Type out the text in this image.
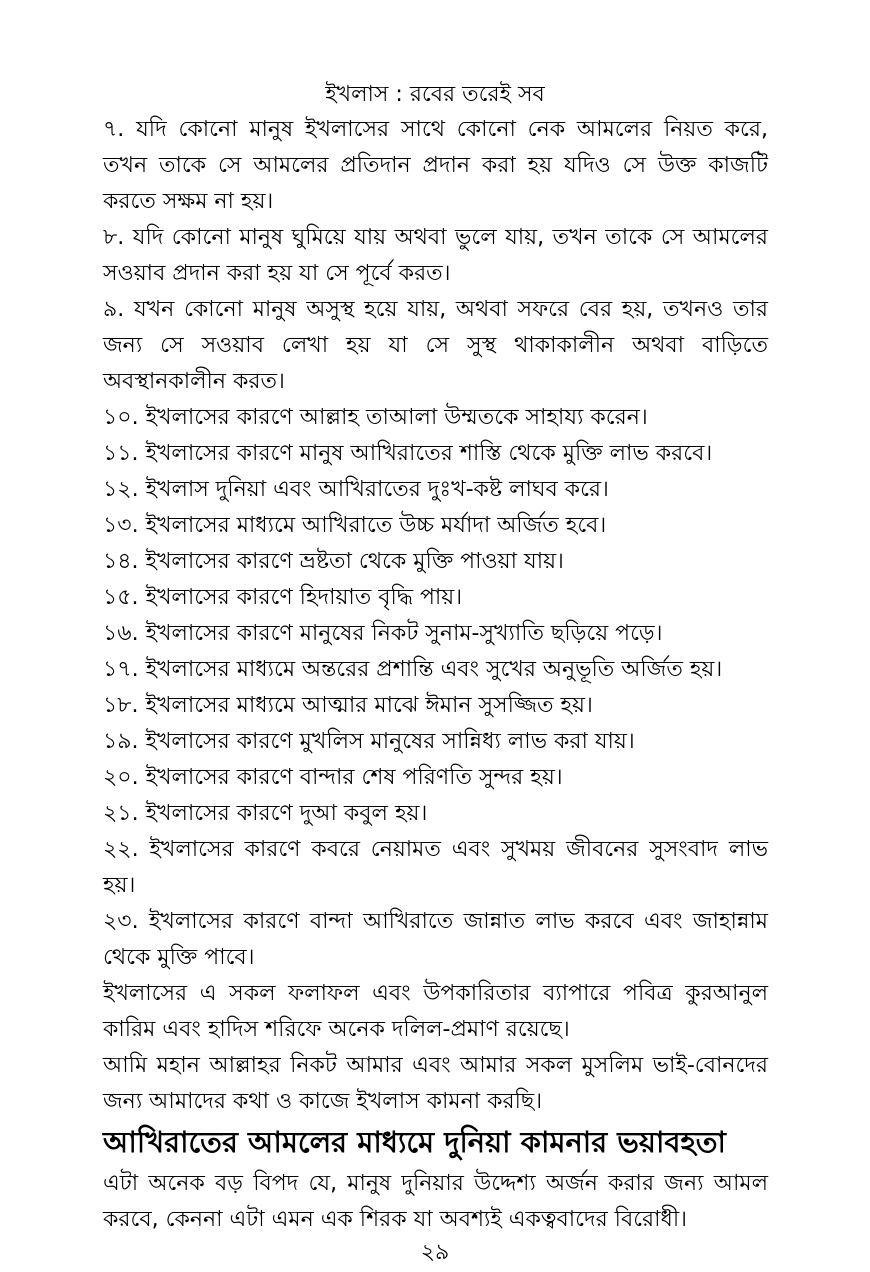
ইখলাস : রবের তরেই সব

৭. যদি কোনো মানুষ ইখলাসের সাথে কোনো নেক আমলের নিয়ত করে, তখন তাকে সে আমলের প্রতিদান প্রদান করা হয় যদিও সে উক্ত কাজটি করতে সক্ষম না হয়।

৮. যদি কোনো মানুষ ঘুমিয়ে যায় অথবা ভুলে যায়, তখন তাকে সে আমলের সওয়াব প্রদান করা হয় যা সে পূর্বে করত।

৯. যখন কোনো মানুষ অসুস্থ হয়ে যায়, অথবা সফরে বের হয়, তখনও তার জন্য সে সওয়াব লেখা হয় যা সে সুস্থ থাকাকালীন অথবা বাড়িতে অবস্থানকালীন করত।

১০. ইখলাসের কারণে আল্লাহ তাআলা উম্মতকে সাহায্য করেন।

১১. ইখলাসের কারণে মানুষ আখিরাতের শাস্তি থেকে মুক্তি লাভ করবে।

১২. ইখলাস দুনিয়া এবং আখিরাতের দুঃখ-কষ্ট লাঘব করে।

১৩. ইখলাসের মাধ্যমে আখিরাতে উচ্চ মর্যাদা অর্জিত হবে।

১৪. ইখলাসের কারণে ভ্রষ্টতা থেকে মুক্তি পাওয়া যায়।

১৫. ইখলাসের কারণে হিদায়াত বৃদ্ধি পায়।

১৬. ইখলাসের কারণে মানুষের নিকট সুনাম-সুখ্যাতি ছড়িয়ে পড়ে।

১৭. ইখলাসের মাধ্যমে অন্তরের প্রশান্তি এবং সুখের অনুভূতি অর্জিত হয়।

১৮. ইখলাসের মাধ্যমে আত্মার মাঝে ঈমান সুসজ্জিত হয়।

১৯. ইখলাসের কারণে মুখলিস মানুষের সান্নিধ্য লাভ করা যায়।

২০. ইখলাসের কারণে বান্দার শেষ পরিণতি সুন্দর হয়।

২১. ইখলাসের কারণে দুআ কবুল হয়।

২২. ইখলাসের কারণে কবরে নেয়ামত এবং সুখময় জীবনের সুসংবাদ লাভ হয়।

২৩. ইখলাসের কারণে বান্দা আখিরাতে জান্নাত লাভ করবে এবং জাহান্নাম থেকে মুক্তি পাবে।

ইখলাসের এ সকল ফলাফল এবং উপকারিতার ব্যাপারে পবিত্র কুরআনুল কারিম এবং হাদিস শরিফে অনেক দলিল-প্রমাণ রয়েছে।

আমি মহান আল্লাহর নিকট আমার এবং আমার সকল মুসলিম ভাই-বোনদের জন্য আমাদের কথা ও কাজে ইখলাস কামনা করছি।

আখিরাতের আমলের মাধ্যমে দুনিয়া কামনার ভয়াবহতা

এটা অনেক বড় বিপদ যে, মানুষ দুনিয়ার উদ্দেশ্য অর্জন করার জন্য আমল করবে, কেননা এটা এমন এক শিরক যা অবশ্যই একত্ববাদের বিরোধী।

২৯
